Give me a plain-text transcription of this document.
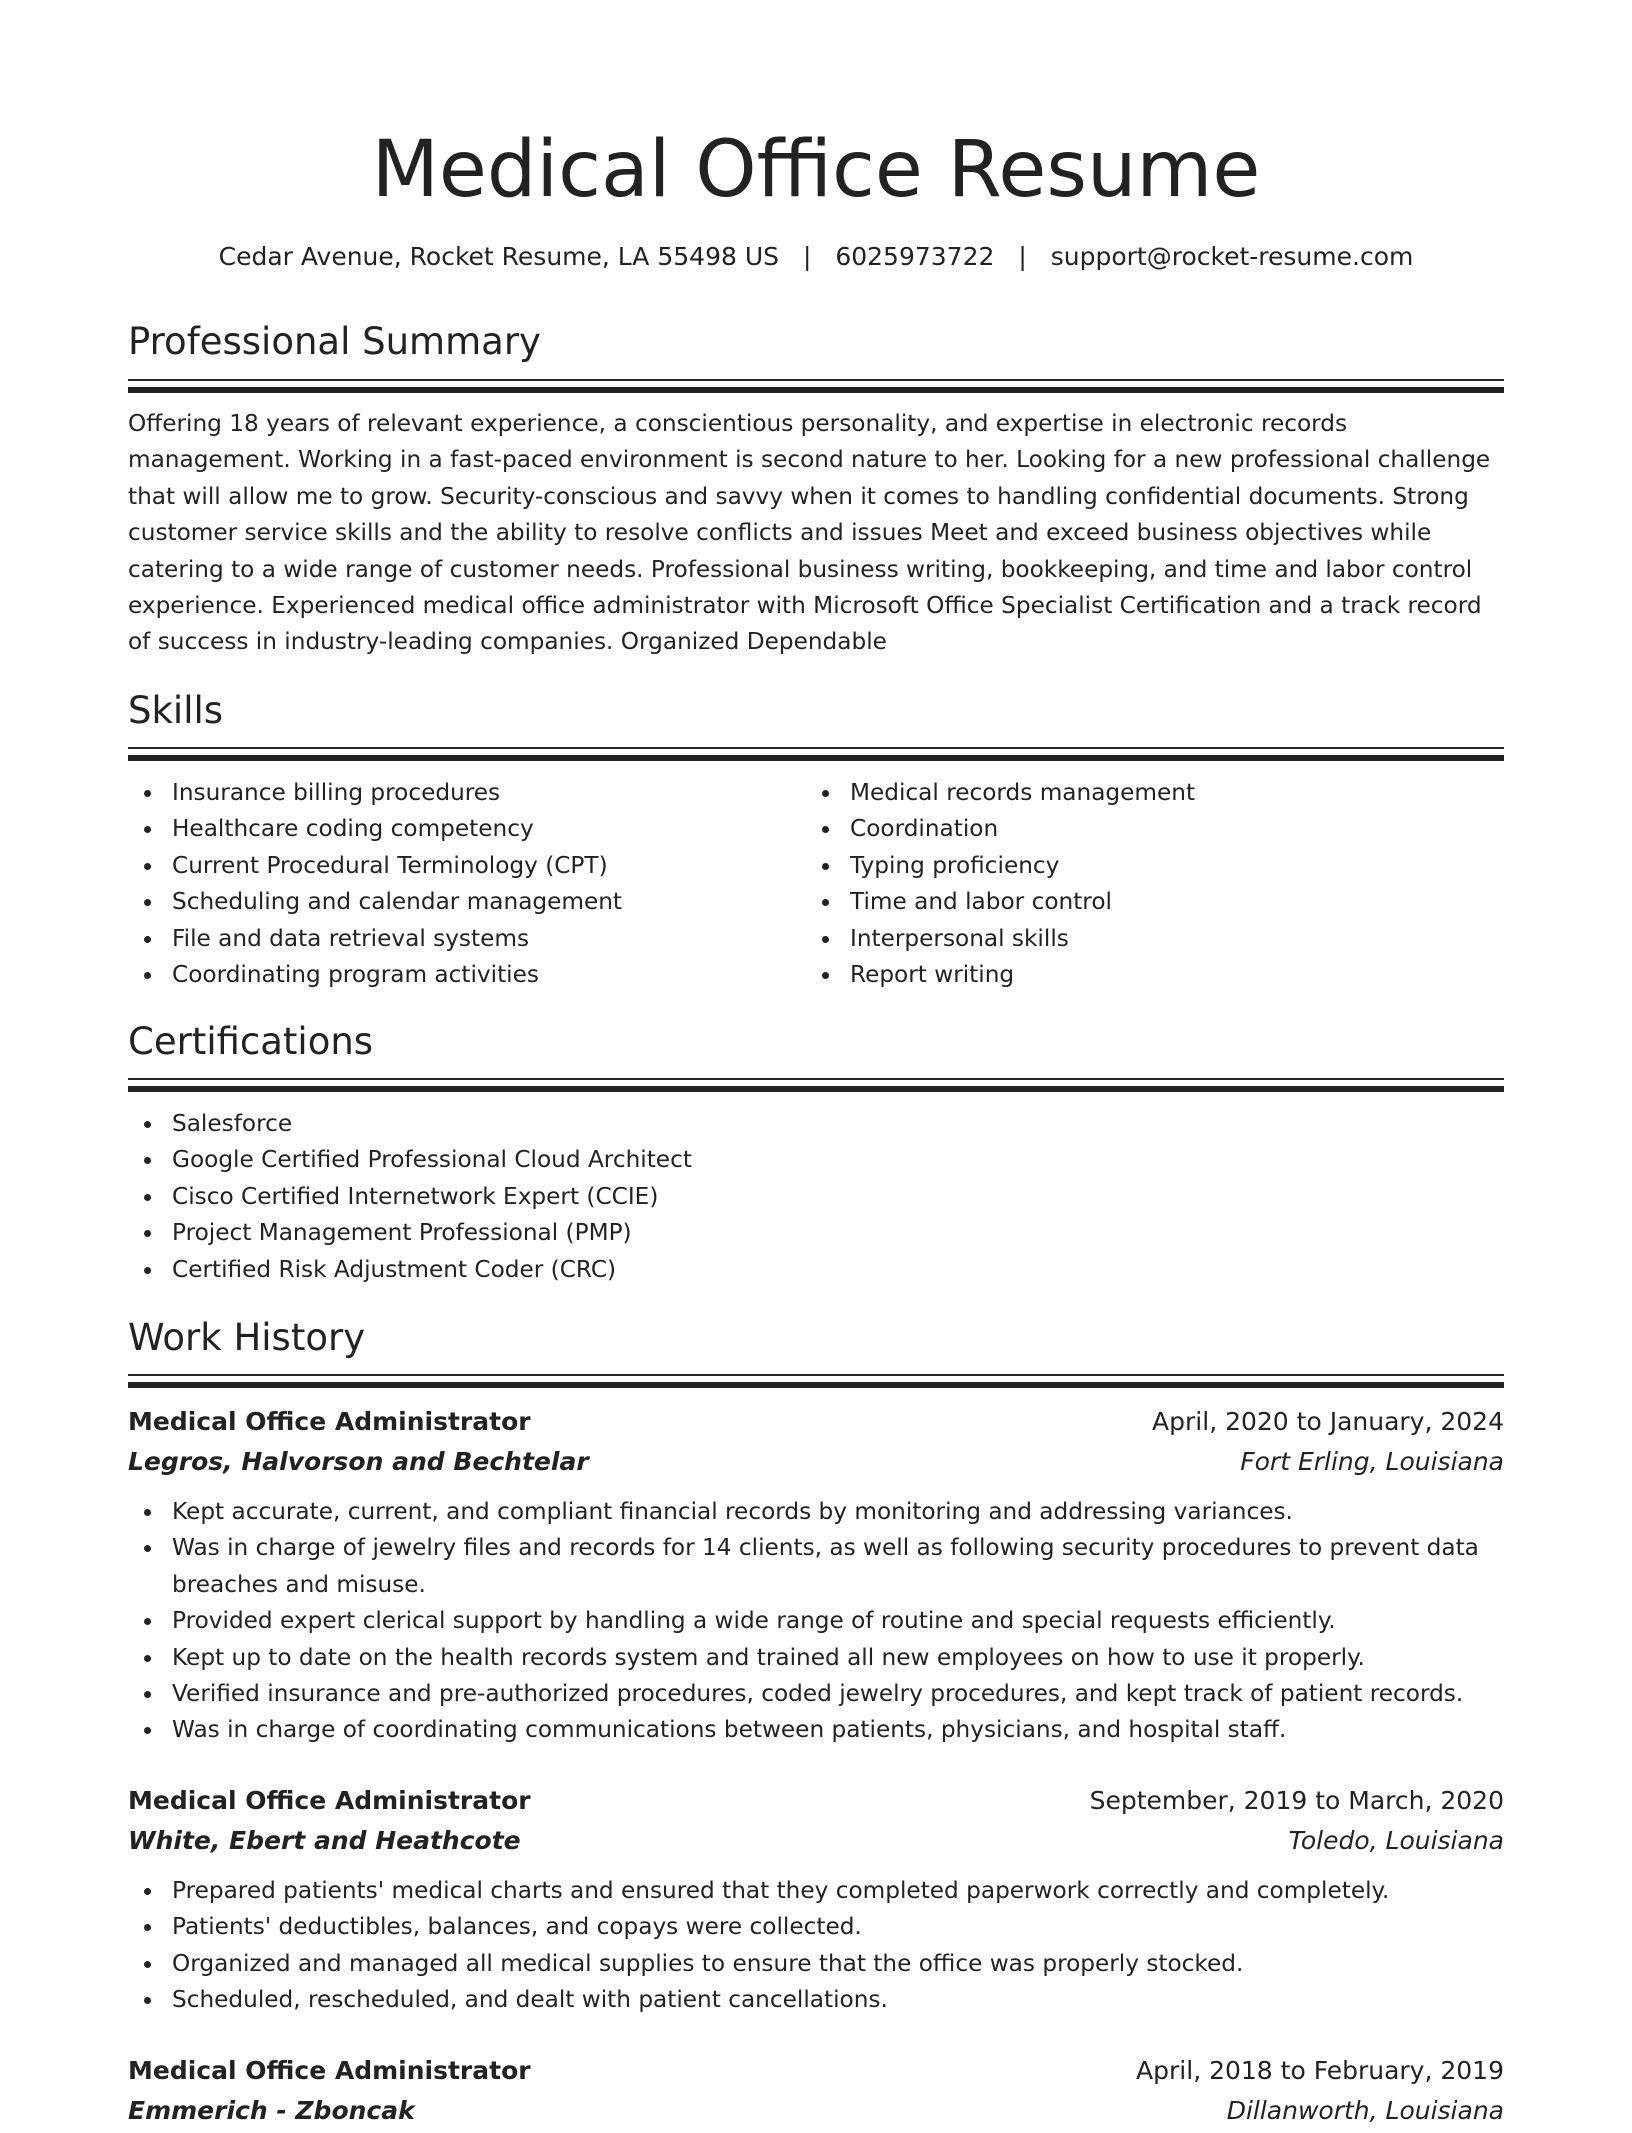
Medical Office Resume
Cedar Avenue, Rocket Resume, LA 55498 US | 6025973722 | support@rocket-resume.com
Professional Summary

Offering 18 years of relevant experience, a conscientious personality, and expertise in electronic records management. Working in a fast-paced environment is second nature to her. Looking for a new professional challenge that will allow me to grow. Security-conscious and savvy when it comes to handling confidential documents. Strong customer service skills and the ability to resolve conflicts and issues Meet and exceed business objectives while catering to a wide range of customer needs. Professional business writing, bookkeeping, and time and labor control experience. Experienced medical office administrator with Microsoft Office Specialist Certification and a track record of success in industry-leading companies. Organized Dependable

Skills
Insurance billing procedures
Healthcare coding competency
Current Procedural Terminology (CPT)
Scheduling and calendar management
File and data retrieval systems
Coordinating program activities
Medical records management
Coordination
Typing proficiency
Time and labor control
Interpersonal skills
Report writing
Certifications
Salesforce
Google Certified Professional Cloud Architect
Cisco Certified Internetwork Expert (CCIE)
Project Management Professional (PMP)
Certified Risk Adjustment Coder (CRC)
Work History
Medical Office Administrator	April, 2020 to January, 2024
Legros, Halvorson and Bechtelar	Fort Erling, Louisiana
Kept accurate, current, and compliant financial records by monitoring and addressing variances.
Was in charge of jewelry files and records for 14 clients, as well as following security procedures to prevent data breaches and misuse.
Provided expert clerical support by handling a wide range of routine and special requests efficiently.
Kept up to date on the health records system and trained all new employees on how to use it properly.
Verified insurance and pre-authorized procedures, coded jewelry procedures, and kept track of patient records.
Was in charge of coordinating communications between patients, physicians, and hospital staff.
Medical Office Administrator	September, 2019 to March, 2020
White, Ebert and Heathcote	Toledo, Louisiana
Prepared patients' medical charts and ensured that they completed paperwork correctly and completely.
Patients' deductibles, balances, and copays were collected.
Organized and managed all medical supplies to ensure that the office was properly stocked.
Scheduled, rescheduled, and dealt with patient cancellations.
Medical Office Administrator	April, 2018 to February, 2019
Emmerich - Zboncak	Dillanworth, Louisiana
